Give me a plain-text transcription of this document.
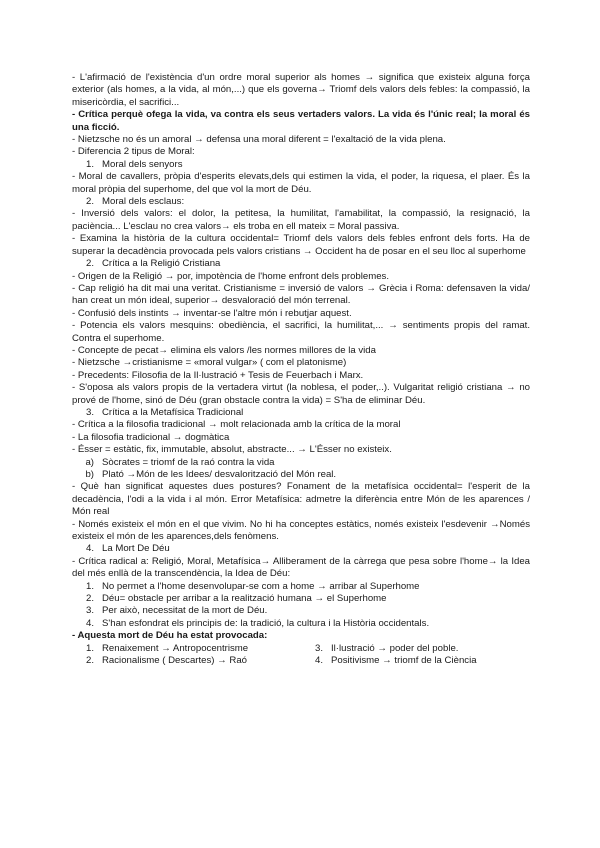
- L'afirmació de l'existència d'un ordre moral superior als homes → significa que existeix alguna força exterior (als homes, a la vida, al món,...) que els governa→ Triomf dels valors dels febles: la compassió, la misericòrdia, el sacrifici...

- Crítica perquè ofega la vida, va contra els seus vertaders valors. La vida és l'únic real; la moral és una ficció.

- Nietzsche no és un amoral → defensa una moral diferent = l'exaltació de la vida plena.

- Diferencia 2 tipus de Moral:

1. Moral dels senyors

- Moral de cavallers, pròpia d'esperits elevats,dels qui estimen la vida, el poder, la riquesa, el plaer. És la moral pròpia del superhome, del que vol la mort de Déu.

2. Moral dels esclaus:

- Inversió dels valors: el dolor, la petitesa, la humilitat, l'amabilitat, la compassió, la resignació, la paciència... L'esclau no crea valors→ els troba en ell mateix = Moral passiva.

- Examina la història de la cultura occidental= Triomf dels valors dels febles enfront dels forts. Ha de superar la decadència provocada pels valors cristians → Occident ha de posar en el seu lloc al superhome

2. Crítica a la Religió Cristiana

- Origen de la Religió → por, impotència de l'home enfront dels problemes.

- Cap religió ha dit mai una veritat. Cristianisme = inversió de valors → Grècia i Roma: defensaven la vida/ han creat un món ideal, superior→ desvaloració del món terrenal.

- Confusió dels instints → inventar-se l'altre món i rebutjar aquest.

- Potencia els valors mesquins: obediència, el sacrifici, la humilitat,... → sentiments propis del ramat. Contra el superhome.

- Concepte de pecat→ elimina els valors /les normes millores de la vida

- Nietzsche →cristianisme = «moral vulgar» ( com el platonisme)

- Precedents: Filosofia de la Il·lustració + Tesis de Feuerbach i Marx.

- S'oposa als valors propis de la vertadera virtut (la noblesa, el poder,..). Vulgaritat religió cristiana → no prové de l'home, sinó de Déu (gran obstacle contra la vida) = S'ha de eliminar Déu.

3. Crítica a la Metafísica Tradicional

- Crítica a la filosofia tradicional → molt relacionada amb la crítica de la moral

- La filosofia tradicional → dogmàtica

- Ésser = estàtic, fix, immutable, absolut, abstracte... → L'Ésser no existeix.

a) Sòcrates = triomf de la raó contra la vida
b) Plató →Món de les Idees/ desvalorització del Món real.

- Què han significat aquestes dues postures? Fonament de la metafísica occidental= l'esperit de la decadència, l'odi a la vida i al món. Error Metafísica: admetre la diferència entre Món de les aparences / Món real

- Només existeix el món en el que vivim. No hi ha conceptes estàtics, només existeix l'esdevenir →Només existeix el món de les aparences,dels fenòmens.

4. La Mort De Déu

- Crítica radical a: Religió, Moral, Metafísica→ Alliberament de la càrrega que pesa sobre l'home→ la Idea del més enllà de la transcendència, la Idea de Déu:

1. No permet a l'home desenvolupar-se com a home → arribar al Superhome
2. Déu= obstacle per arribar a la realització humana → el Superhome
3. Per això, necessitat de la mort de Déu.
4. S'han esfondrat els principis de: la tradició, la cultura i la Història occidentals.

- Aquesta mort de Déu ha estat provocada:

1. Renaixement → Antropocentrisme
2. Racionalisme ( Descartes) → Raó
3. Il·lustració → poder del poble.
4. Positivisme → triomf de la Ciència
